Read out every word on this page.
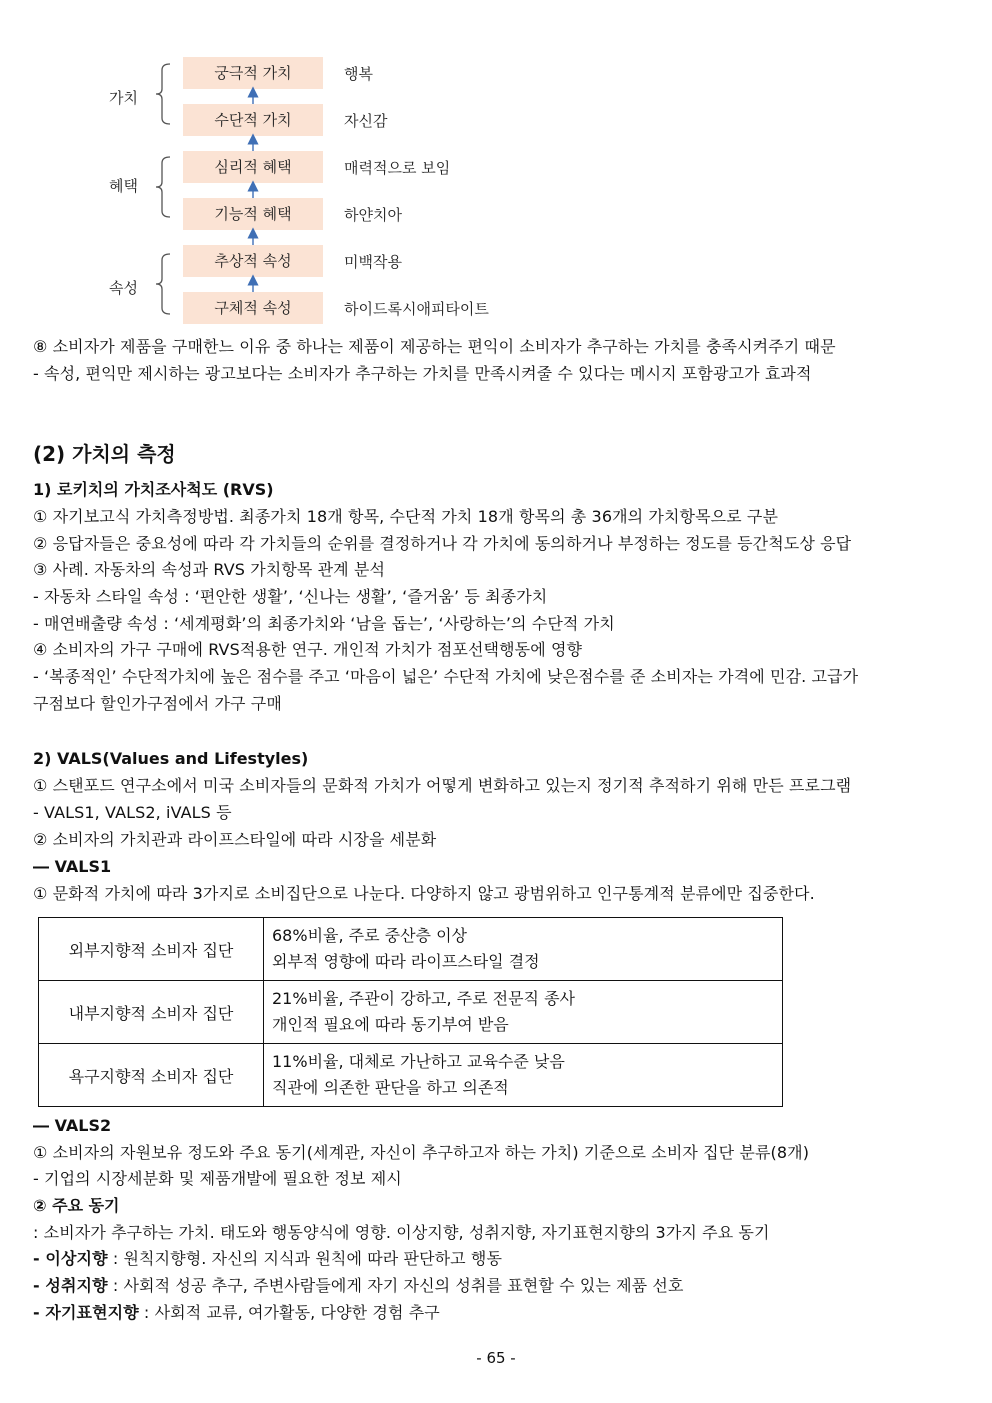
궁극적 가치
수단적 가치
심리적 혜택
기능적 혜택
추상적 속성
구체적 속성
행복
자신감
매력적으로 보임
하얀치아
미백작용
하이드록시애피타이트
가치
혜택
속성
⑧ 소비자가 제품을 구매한느 이유 중 하나는 제품이 제공하는 편익이 소비자가 추구하는 가치를 충족시켜주기 때문
- 속성, 편익만 제시하는 광고보다는 소비자가 추구하는 가치를 만족시켜줄 수 있다는 메시지 포함광고가 효과적
(2) 가치의 측정
1) 로키치의 가치조사척도 (RVS)
① 자기보고식 가치측정방법. 최종가치 18개 항목, 수단적 가치 18개 항목의 총 36개의 가치항목으로 구분
② 응답자들은 중요성에 따라 각 가치들의 순위를 결정하거나 각 가치에 동의하거나 부정하는 정도를 등간척도상 응답
③ 사례. 자동차의 속성과 RVS 가치항목 관계 분석
- 자동차 스타일 속성 : ‘편안한 생활’, ‘신나는 생활’, ‘즐거움’ 등 최종가치
- 매연배출량 속성 : ‘세계평화’의 최종가치와 ‘남을 돕는’, ‘사랑하는’의 수단적 가치
④ 소비자의 가구 구매에 RVS적용한 연구. 개인적 가치가 점포선택행동에 영향
- ‘복종적인’ 수단적가치에 높은 점수를 주고 ‘마음이 넓은’ 수단적 가치에 낮은점수를 준 소비자는 가격에 민감. 고급가
구점보다 할인가구점에서 가구 구매
2) VALS(Values and Lifestyles)
① 스탠포드 연구소에서 미국 소비자들의 문화적 가치가 어떻게 변화하고 있는지 정기적 추적하기 위해 만든 프로그램
- VALS1, VALS2, iVALS 등
② 소비자의 가치관과 라이프스타일에 따라 시장을 세분화
― VALS1
① 문화적 가치에 따라 3가지로 소비집단으로 나눈다. 다양하지 않고 광범위하고 인구통계적 분류에만 집중한다.
외부지향적 소비자 집단	68%비율, 주로 중산층 이상
외부적 영향에 따라 라이프스타일 결정

내부지향적 소비자 집단	21%비율, 주관이 강하고, 주로 전문직 종사
개인적 필요에 따라 동기부여 받음

욕구지향적 소비자 집단	11%비율, 대체로 가난하고 교육수준 낮음
직관에 의존한 판단을 하고 의존적
― VALS2
① 소비자의 자원보유 정도와 주요 동기(세계관, 자신이 추구하고자 하는 가치) 기준으로 소비자 집단 분류(8개)
- 기업의 시장세분화 및 제품개발에 필요한 정보 제시
② 주요 동기
: 소비자가 추구하는 가치. 태도와 행동양식에 영향. 이상지향, 성취지향, 자기표현지향의 3가지 주요 동기
- 이상지향 : 원칙지향형. 자신의 지식과 원칙에 따라 판단하고 행동
- 성취지향 : 사회적 성공 추구, 주변사람들에게 자기 자신의 성취를 표현할 수 있는 제품 선호
- 자기표현지향 : 사회적 교류, 여가활동, 다양한 경험 추구
- 65 -
